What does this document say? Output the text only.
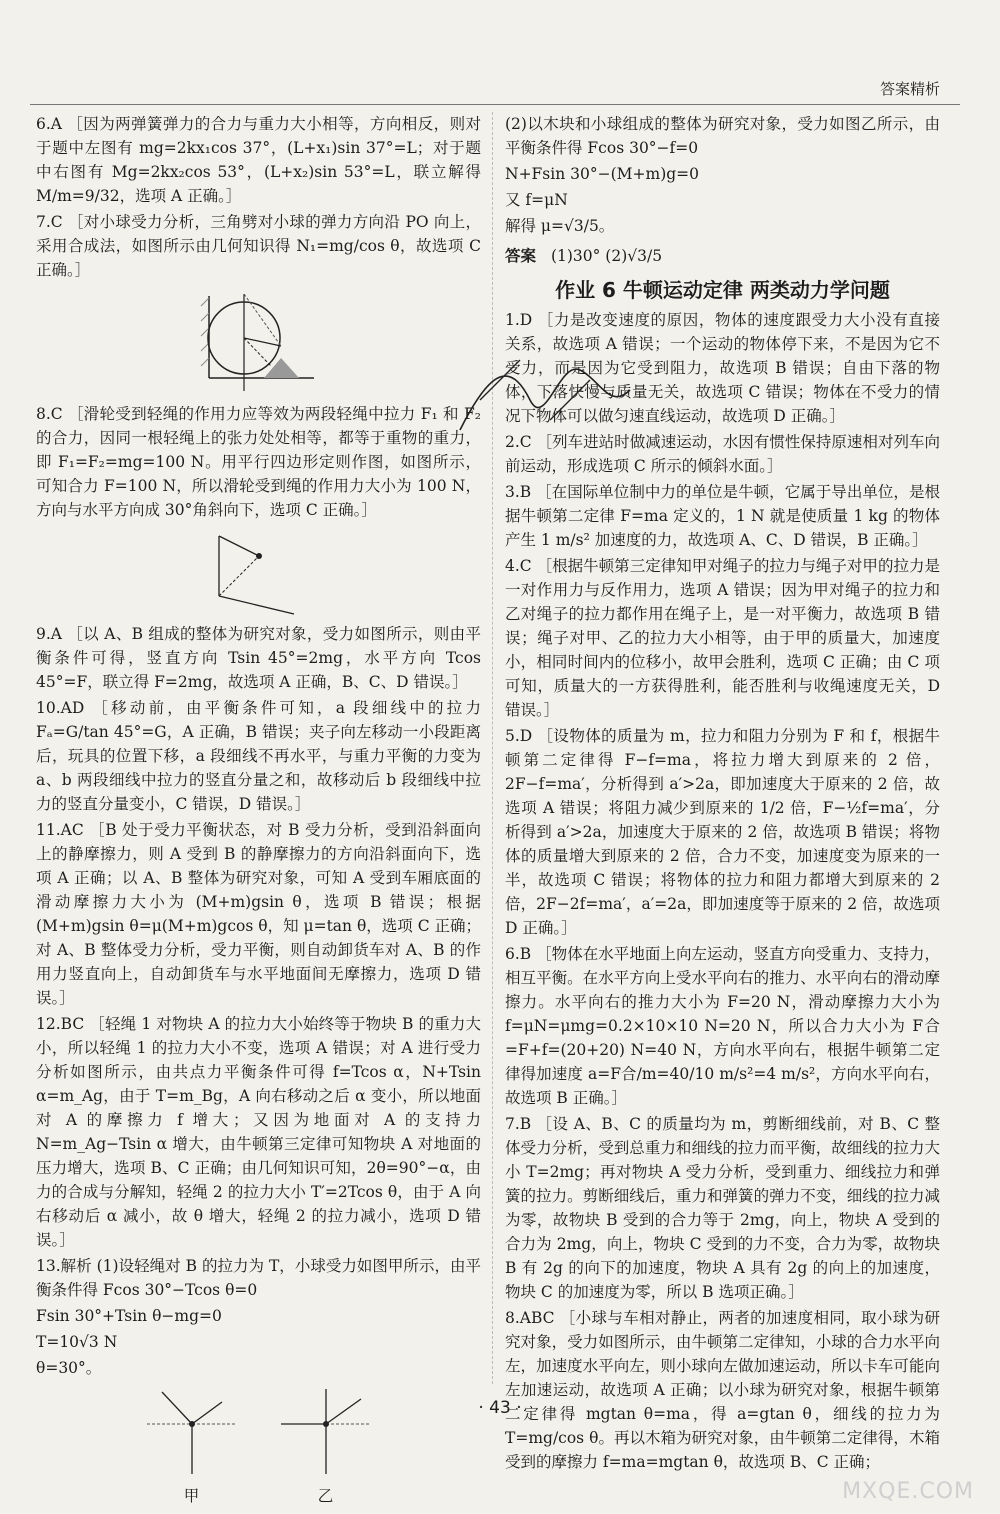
答案精析

6.A ［因为两弹簧弹力的合力与重力大小相等，方向相反，则对于题中左图有 mg=2kx₁cos 37°，(L+x₁)sin 37°=L；对于题中右图有 Mg=2kx₂cos 53°，(L+x₂)sin 53°=L，联立解得 M/m=9/32，选项 A 正确。］

7.C ［对小球受力分析，三角劈对小球的弹力方向沿 PO 向上，采用合成法，如图所示由几何知识得 N₁=mg/cos θ，故选项 C 正确。］

8.C ［滑轮受到轻绳的作用力应等效为两段轻绳中拉力 F₁ 和 F₂ 的合力，因同一根轻绳上的张力处处相等，都等于重物的重力，即 F₁=F₂=mg=100 N。用平行四边形定则作图，如图所示，可知合力 F=100 N，所以滑轮受到绳的作用力大小为 100 N，方向与水平方向成 30°角斜向下，选项 C 正确。］

9.A ［以 A、B 组成的整体为研究对象，受力如图所示，则由平衡条件可得，竖直方向 Tsin 45°=2mg，水平方向 Tcos 45°=F，联立得 F=2mg，故选项 A 正确，B、C、D 错误。］

10.AD ［移动前，由平衡条件可知，a 段细线中的拉力 Fₐ=G/tan 45°=G，A 正确，B 错误；夹子向左移动一小段距离后，玩具的位置下移，a 段细线不再水平，与重力平衡的力变为 a、b 两段细线中拉力的竖直分量之和，故移动后 b 段细线中拉力的竖直分量变小，C 错误，D 错误。］

11.AC ［B 处于受力平衡状态，对 B 受力分析，受到沿斜面向上的静摩擦力，则 A 受到 B 的静摩擦力的方向沿斜面向下，选项 A 正确；以 A、B 整体为研究对象，可知 A 受到车厢底面的滑动摩擦力大小为 (M+m)gsin θ，选项 B 错误；根据 (M+m)gsin θ=μ(M+m)gcos θ，知 μ=tan θ，选项 C 正确；对 A、B 整体受力分析，受力平衡，则自动卸货车对 A、B 的作用力竖直向上，自动卸货车与水平地面间无摩擦力，选项 D 错误。］

12.BC ［轻绳 1 对物块 A 的拉力大小始终等于物块 B 的重力大小，所以轻绳 1 的拉力大小不变，选项 A 错误；对 A 进行受力分析如图所示，由共点力平衡条件可得 f=Tcos α，N+Tsin α=m_Ag，由于 T=m_Bg，A 向右移动之后 α 变小，所以地面对 A 的摩擦力 f 增大；又因为地面对 A 的支持力 N=m_Ag−Tsin α 增大，由牛顿第三定律可知物块 A 对地面的压力增大，选项 B、C 正确；由几何知识可知，2θ=90°−α，由力的合成与分解知，轻绳 2 的拉力大小 T′=2Tcos θ，由于 A 向右移动后 α 减小，故 θ 增大，轻绳 2 的拉力减小，选项 D 错误。］

13.解析 (1)设轻绳对 B 的拉力为 T，小球受力如图甲所示，由平衡条件得 Fcos 30°−Tcos θ=0

Fsin 30°+Tsin θ−mg=0

T=10√3 N

θ=30°。

甲	乙

(2)以木块和小球组成的整体为研究对象，受力如图乙所示，由平衡条件得 Fcos 30°−f=0

N+Fsin 30°−(M+m)g=0

又 f=μN

解得 μ=√3/5。

答案 (1)30° (2)√3/5
作业 6 牛顿运动定律 两类动力学问题

1.D ［力是改变速度的原因，物体的速度跟受力大小没有直接关系，故选项 A 错误；一个运动的物体停下来，不是因为它不受力，而是因为它受到阻力，故选项 B 错误；自由下落的物体，下落快慢与质量无关，故选项 C 错误；物体在不受力的情况下物体可以做匀速直线运动，故选项 D 正确。］

2.C ［列车进站时做减速运动，水因有惯性保持原速相对列车向前运动，形成选项 C 所示的倾斜水面。］

3.B ［在国际单位制中力的单位是牛顿，它属于导出单位，是根据牛顿第二定律 F=ma 定义的，1 N 就是使质量 1 kg 的物体产生 1 m/s² 加速度的力，故选项 A、C、D 错误，B 正确。］

4.C ［根据牛顿第三定律知甲对绳子的拉力与绳子对甲的拉力是一对作用力与反作用力，选项 A 错误；因为甲对绳子的拉力和乙对绳子的拉力都作用在绳子上，是一对平衡力，故选项 B 错误；绳子对甲、乙的拉力大小相等，由于甲的质量大，加速度小，相同时间内的位移小，故甲会胜利，选项 C 正确；由 C 项可知，质量大的一方获得胜利，能否胜利与收绳速度无关，D 错误。］

5.D ［设物体的质量为 m，拉力和阻力分别为 F 和 f，根据牛顿第二定律得 F−f=ma，将拉力增大到原来的 2 倍，2F−f=ma′，分析得到 a′>2a，即加速度大于原来的 2 倍，故选项 A 错误；将阻力减少到原来的 1/2 倍，F−½f=ma′，分析得到 a′>2a，加速度大于原来的 2 倍，故选项 B 错误；将物体的质量增大到原来的 2 倍，合力不变，加速度变为原来的一半，故选项 C 错误；将物体的拉力和阻力都增大到原来的 2 倍，2F−2f=ma′，a′=2a，即加速度等于原来的 2 倍，故选项 D 正确。］

6.B ［物体在水平地面上向左运动，竖直方向受重力、支持力，相互平衡。在水平方向上受水平向右的推力、水平向右的滑动摩擦力。水平向右的推力大小为 F=20 N，滑动摩擦力大小为 f=μN=μmg=0.2×10×10 N=20 N，所以合力大小为 F合=F+f=(20+20) N=40 N，方向水平向右，根据牛顿第二定律得加速度 a=F合/m=40/10 m/s²=4 m/s²，方向水平向右，故选项 B 正确。］

7.B ［设 A、B、C 的质量均为 m，剪断细线前，对 B、C 整体受力分析，受到总重力和细线的拉力而平衡，故细线的拉力大小 T=2mg；再对物块 A 受力分析，受到重力、细线拉力和弹簧的拉力。剪断细线后，重力和弹簧的弹力不变，细线的拉力减为零，故物块 B 受到的合力等于 2mg，向上，物块 A 受到的合力为 2mg，向上，物块 C 受到的力不变，合力为零，故物块 B 有 2g 的向下的加速度，物块 A 具有 2g 的向上的加速度，物块 C 的加速度为零，所以 B 选项正确。］

8.ABC ［小球与车相对静止，两者的加速度相同，取小球为研究对象，受力如图所示，由牛顿第二定律知，小球的合力水平向左，加速度水平向左，则小球向左做加速运动，所以卡车可能向左加速运动，故选项 A 正确；以小球为研究对象，根据牛顿第二定律得 mgtan θ=ma，得 a=gtan θ，细线的拉力为 T=mg/cos θ。再以木箱为研究对象，由牛顿第二定律得，木箱受到的摩擦力 f=ma=mgtan θ，故选项 B、C 正确；

· 43 ·
MXQE.COM
